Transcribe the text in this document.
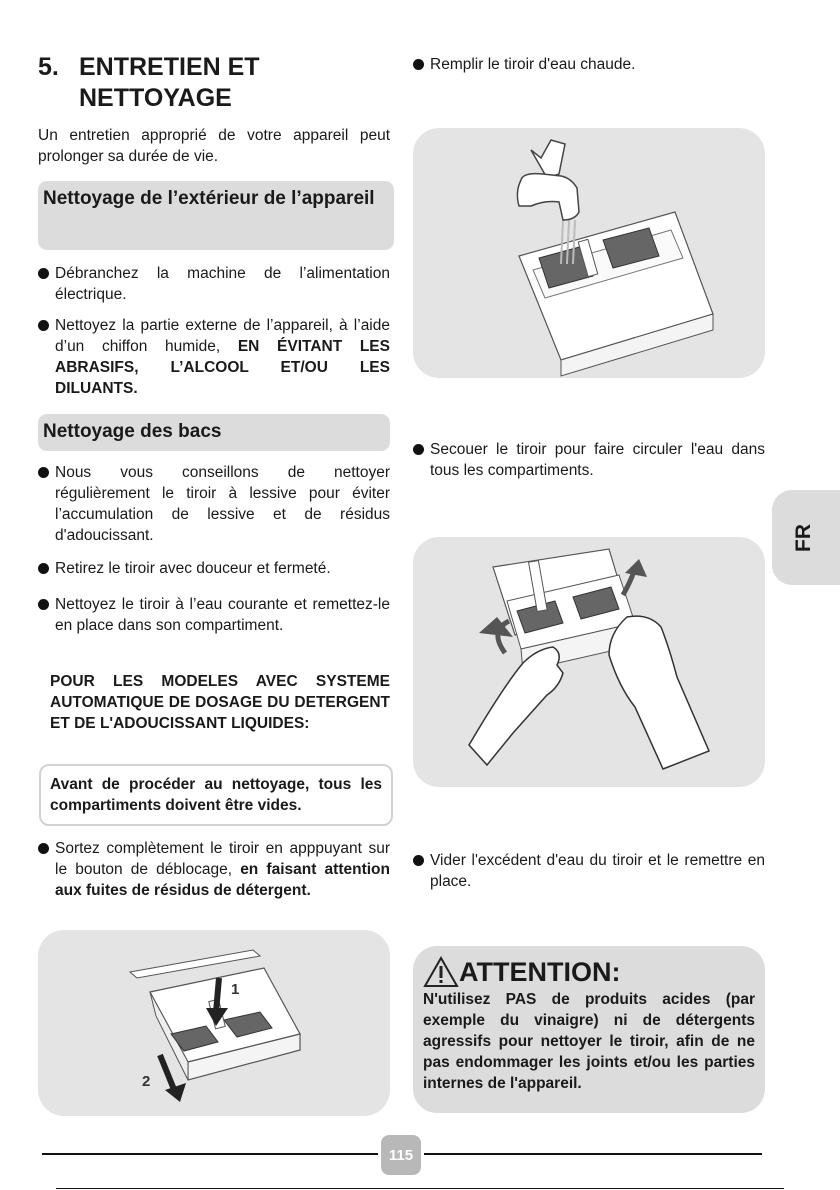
5. ENTRETIEN ET NETTOYAGE

Un entretien approprié de votre appareil peut prolonger sa durée de vie.

Nettoyage de l’extérieur de l’appareil
Débranchez la machine de l’alimentation électrique.
Nettoyez la partie externe de l’appareil, à l’aide d’un chiffon humide, EN ÉVITANT LES ABRASIFS, L’ALCOOL ET/OU LES DILUANTS.
Nettoyage des bacs
Nous vous conseillons de nettoyer régulièrement le tiroir à lessive pour éviter l’accumulation de lessive et de résidus d'adoucissant.
Retirez le tiroir avec douceur et fermeté.
Nettoyez le tiroir à l’eau courante et remettez-le en place dans son compartiment.
POUR LES MODELES AVEC SYSTEME AUTOMATIQUE DE DOSAGE DU DETERGENT ET DE L'ADOUCISSANT LIQUIDES:
Avant de procéder au nettoyage, tous les compartiments doivent être vides.
Sortez complètement le tiroir en apppuyant sur le bouton de déblocage, en faisant attention aux fuites de résidus de détergent.
1
2
Remplir le tiroir d'eau chaude.
Secouer le tiroir pour faire circuler l'eau dans tous les compartiments.
Vider l'excédent d'eau du tiroir et le remettre en place.
ATTENTION:
N'utilisez PAS de produits acides (par exemple du vinaigre) ni de détergents agressifs pour nettoyer le tiroir, afin de ne pas endommager les joints et/ou les parties internes de l'appareil.
FR
115
